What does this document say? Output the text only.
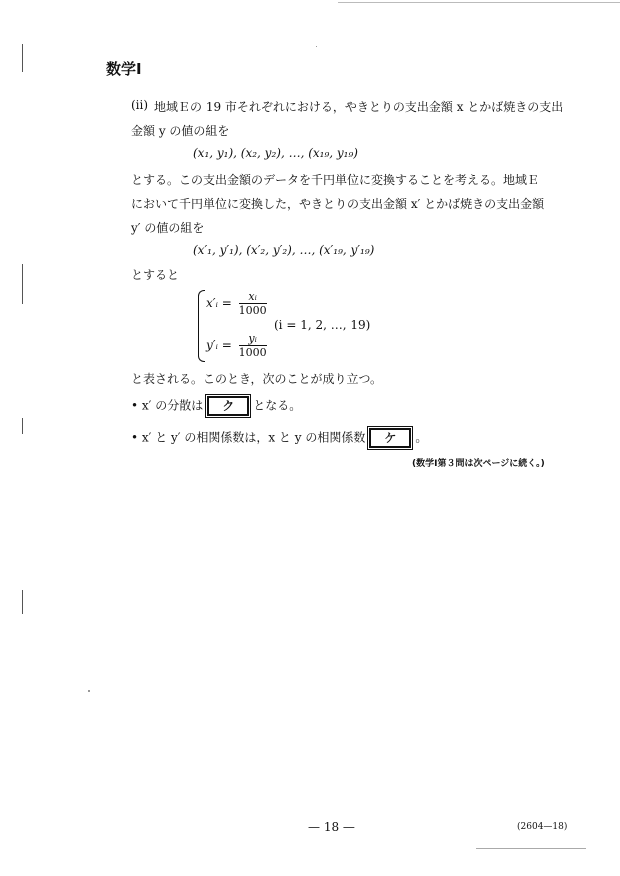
数学Ⅰ
(ii) 地域Ｅの 19 市それぞれにおける，やきとりの支出金額 x とかば焼きの支出
金額 y の値の組を
(x₁, y₁), (x₂, y₂), …, (x₁₉, y₁₉)
とする。この支出金額のデータを千円単位に変換することを考える。地域Ｅ
において千円単位に変換した，やきとりの支出金額 x′ とかば焼きの支出金額
y′ の値の組を
(x′₁, y′₁), (x′₂, y′₂), …, (x′₁₉, y′₁₉)
とすると
x′ᵢ = $\frac{\text{xᵢ}}{1000}$
y′ᵢ = $\frac{\text{yᵢ}}{1000}$
(i = 1, 2, …, 19)
と表される。このとき，次のことが成り立つ。
• x′ の分散は ク となる。
• x′ と y′ の相関係数は，x と y の相関係数 ケ 。
(数学Ⅰ第３問は次ページに続く。)
— 18 —	(2604—18)
